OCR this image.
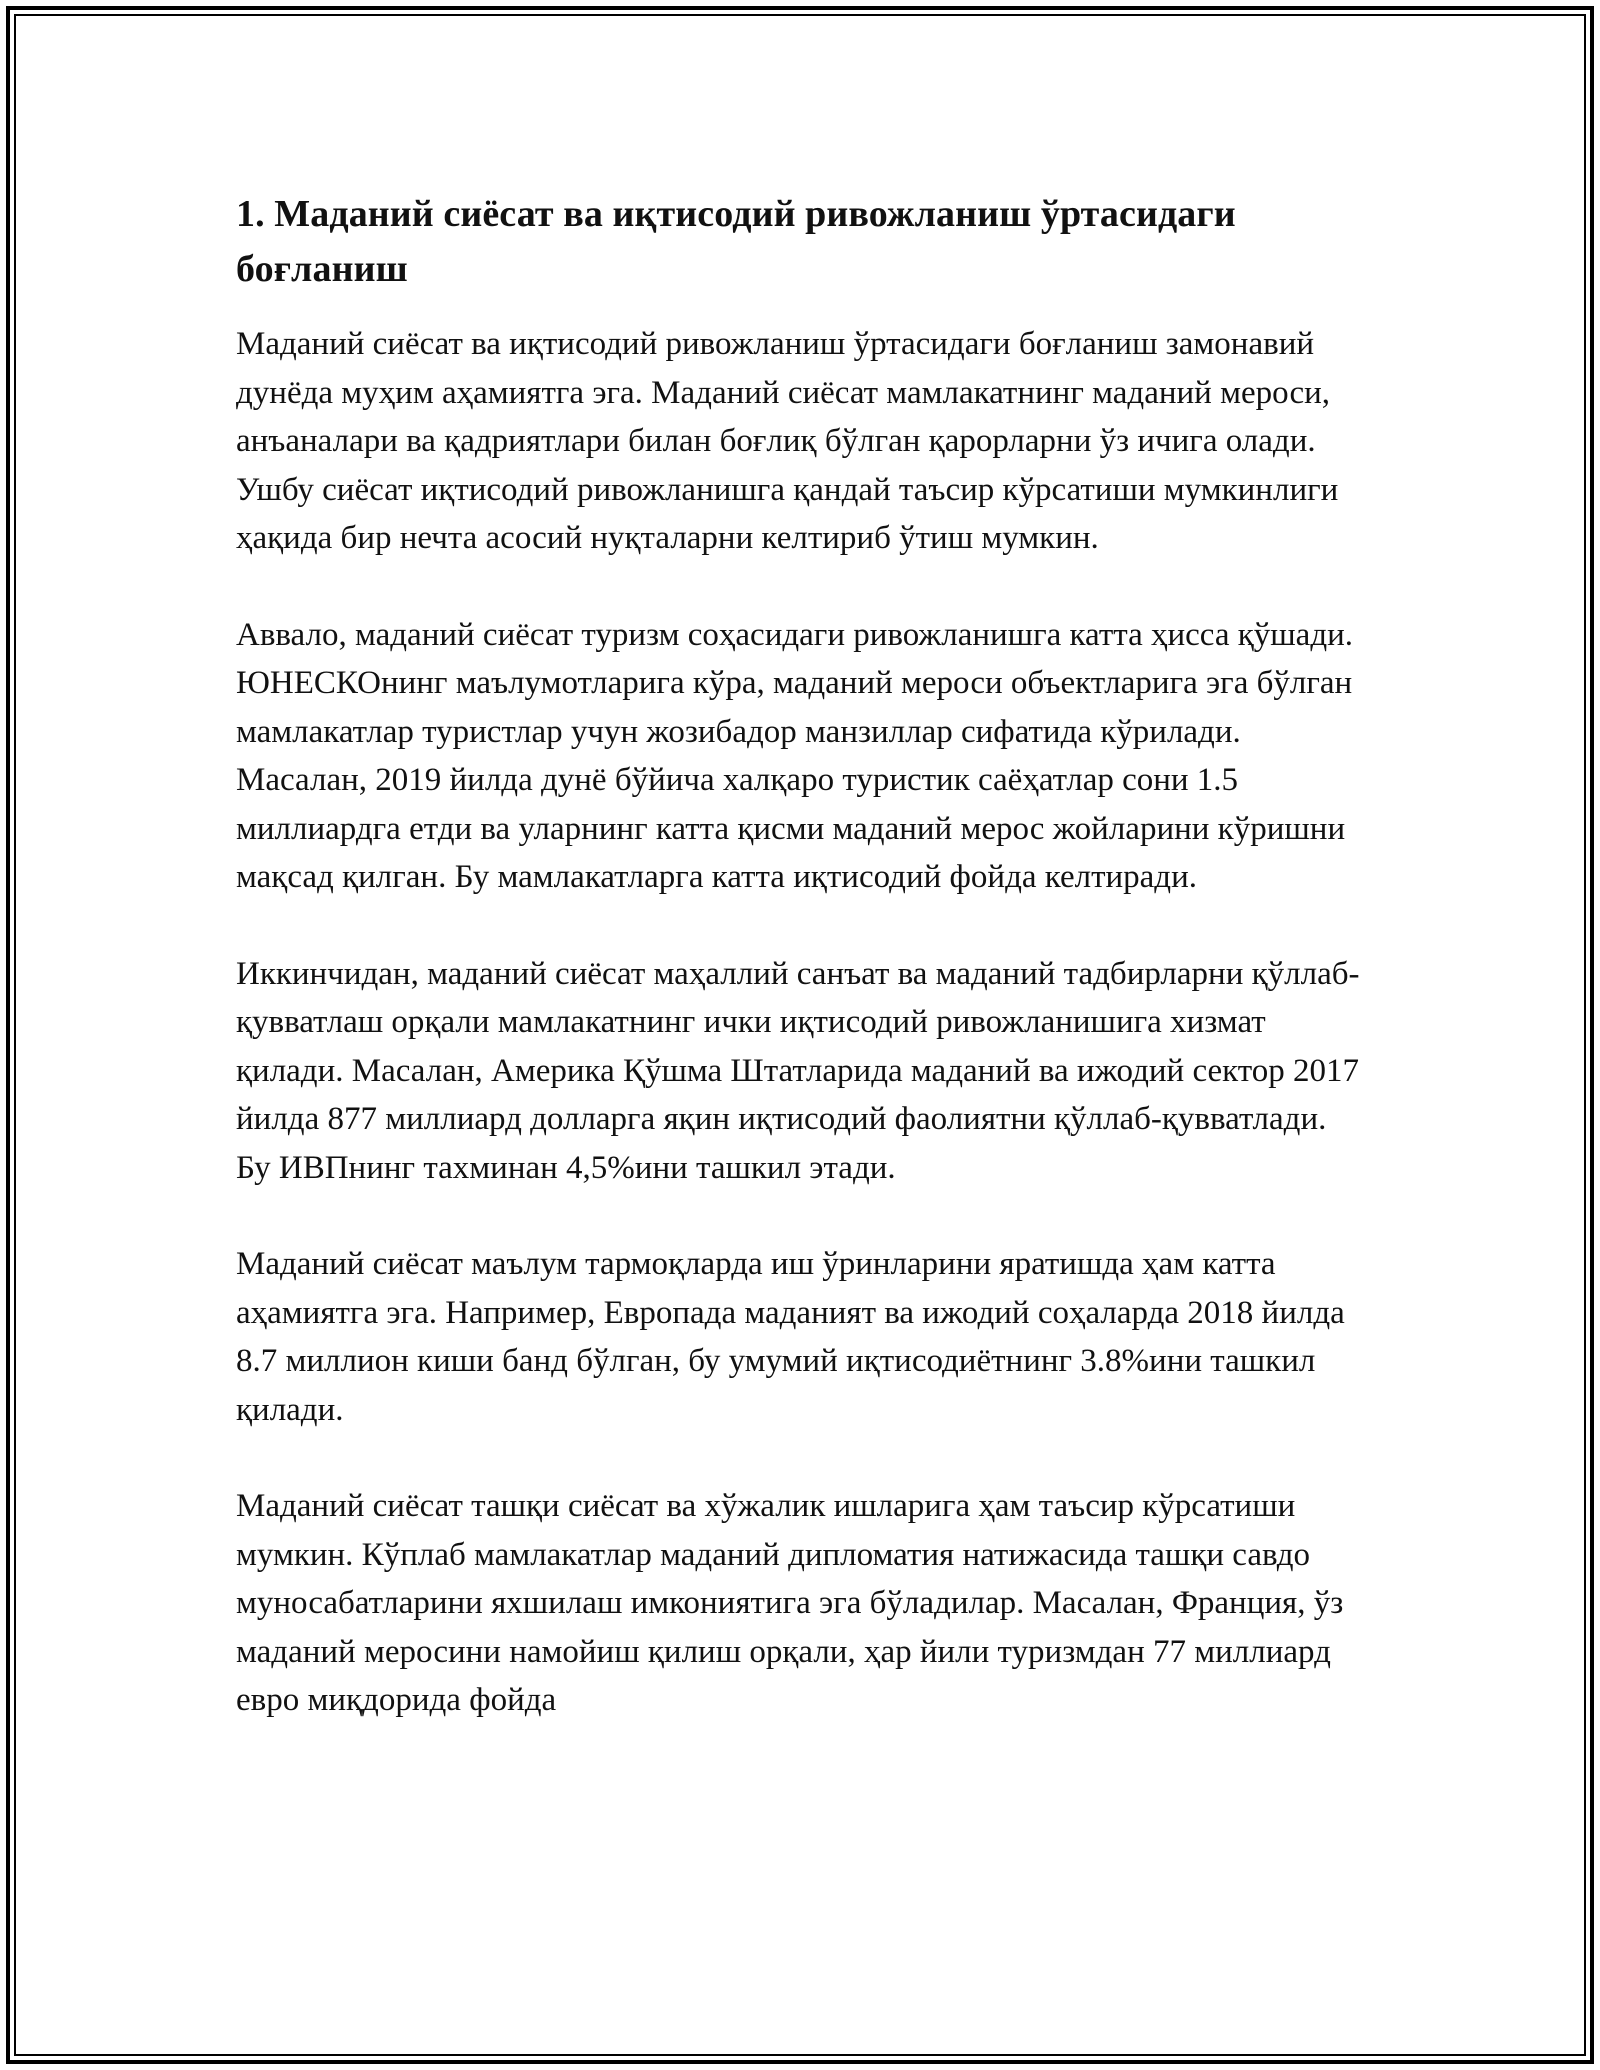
1. Маданий сиёсат ва иқтисодий ривожланиш ўртасидаги боғланиш

Маданий сиёсат ва иқтисодий ривожланиш ўртасидаги боғланиш замонавий дунёда муҳим аҳамиятга эга. Маданий сиёсат мамлакатнинг маданий мероси, анъаналари ва қадриятлари билан боғлиқ бўлган қарорларни ўз ичига олади. Ушбу сиёсат иқтисодий ривожланишга қандай таъсир кўрсатиши мумкинлиги ҳақида бир нечта асосий нуқталарни келтириб ўтиш мумкин.

Аввало, маданий сиёсат туризм соҳасидаги ривожланишга катта ҳисса қўшади. ЮНЕСКОнинг маълумотларига кўра, маданий мероси объектларига эга бўлган мамлакатлар туристлар учун жозибадор манзиллар сифатида кўрилади. Масалан, 2019 йилда дунё бўйича халқаро туристик саёҳатлар сони 1.5 миллиардга етди ва уларнинг катта қисми маданий мерос жойларини кўришни мақсад қилган. Бу мамлакатларга катта иқтисодий фойда келтиради.

Иккинчидан, маданий сиёсат маҳаллий санъат ва маданий тадбирларни қўллаб-қувватлаш орқали мамлакатнинг ички иқтисодий ривожланишига хизмат қилади. Масалан, Америка Қўшма Штатларида маданий ва ижодий сектор 2017 йилда 877 миллиард долларга яқин иқтисодий фаолиятни қўллаб-қувватлади. Бу ИВПнинг тахминан 4,5%ини ташкил этади.

Маданий сиёсат маълум тармоқларда иш ўринларини яратишда ҳам катта аҳамиятга эга. Например, Европада маданият ва ижодий соҳаларда 2018 йилда 8.7 миллион киши банд бўлган, бу умумий иқтисодиётнинг 3.8%ини ташкил қилади.

Маданий сиёсат ташқи сиёсат ва хўжалик ишларига ҳам таъсир кўрсатиши мумкин. Кўплаб мамлакатлар маданий дипломатия натижасида ташқи савдо муносабатларини яхшилаш имкониятига эга бўладилар. Масалан, Франция, ўз маданий меросини намойиш қилиш орқали, ҳар йили туризмдан 77 миллиард евро миқдорида фойда
